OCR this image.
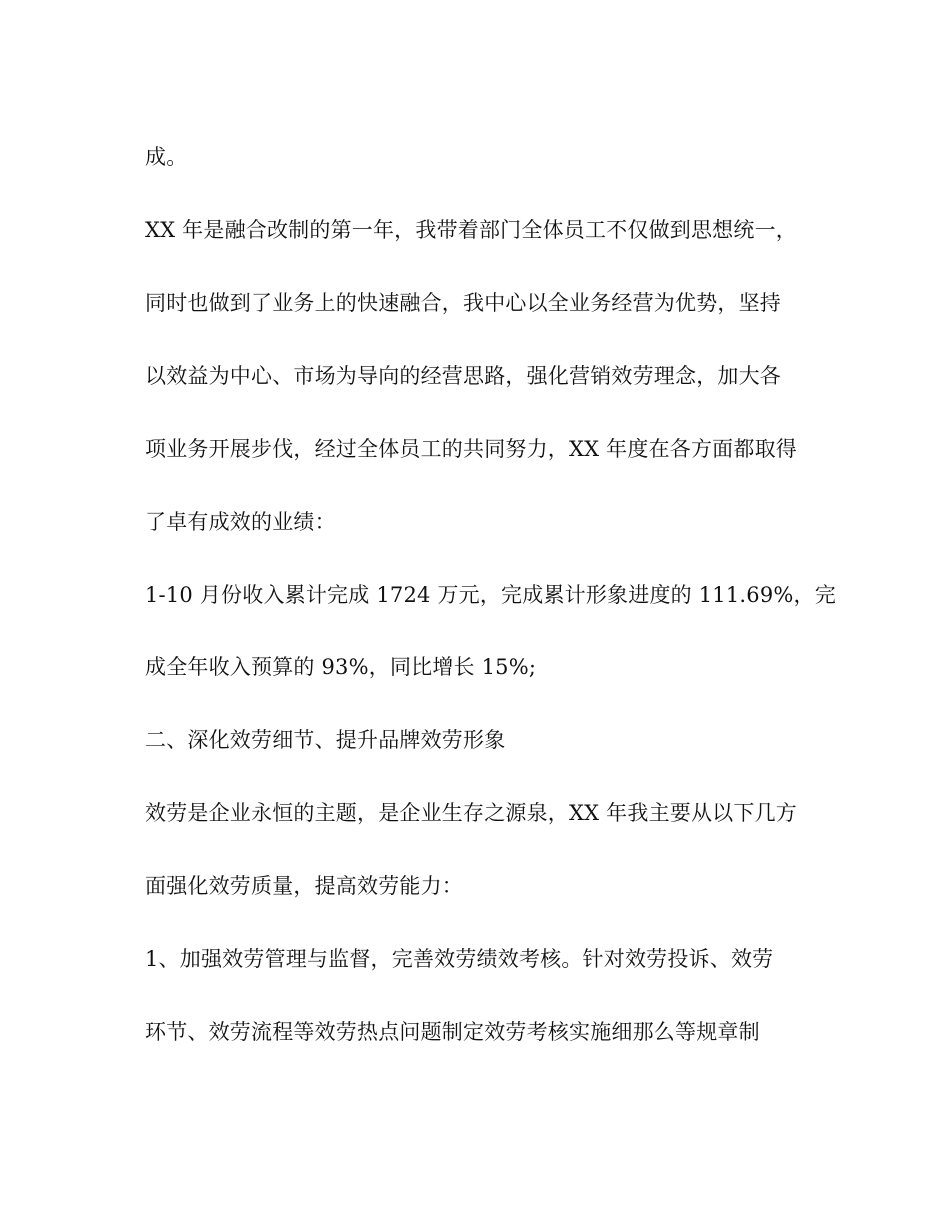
成。
XX 年是融合改制的第一年，我带着部门全体员工不仅做到思想统一，
同时也做到了业务上的快速融合，我中心以全业务经营为优势，坚持
以效益为中心、市场为导向的经营思路，强化营销效劳理念，加大各
项业务开展步伐，经过全体员工的共同努力，XX 年度在各方面都取得
了卓有成效的业绩：
1-10 月份收入累计完成 1724 万元，完成累计形象进度的 111.69%，完
成全年收入预算的 93%，同比增长 15%;
二、深化效劳细节、提升品牌效劳形象
效劳是企业永恒的主题，是企业生存之源泉，XX 年我主要从以下几方
面强化效劳质量，提高效劳能力：
1、加强效劳管理与监督，完善效劳绩效考核。针对效劳投诉、效劳
环节、效劳流程等效劳热点问题制定效劳考核实施细那么等规章制
